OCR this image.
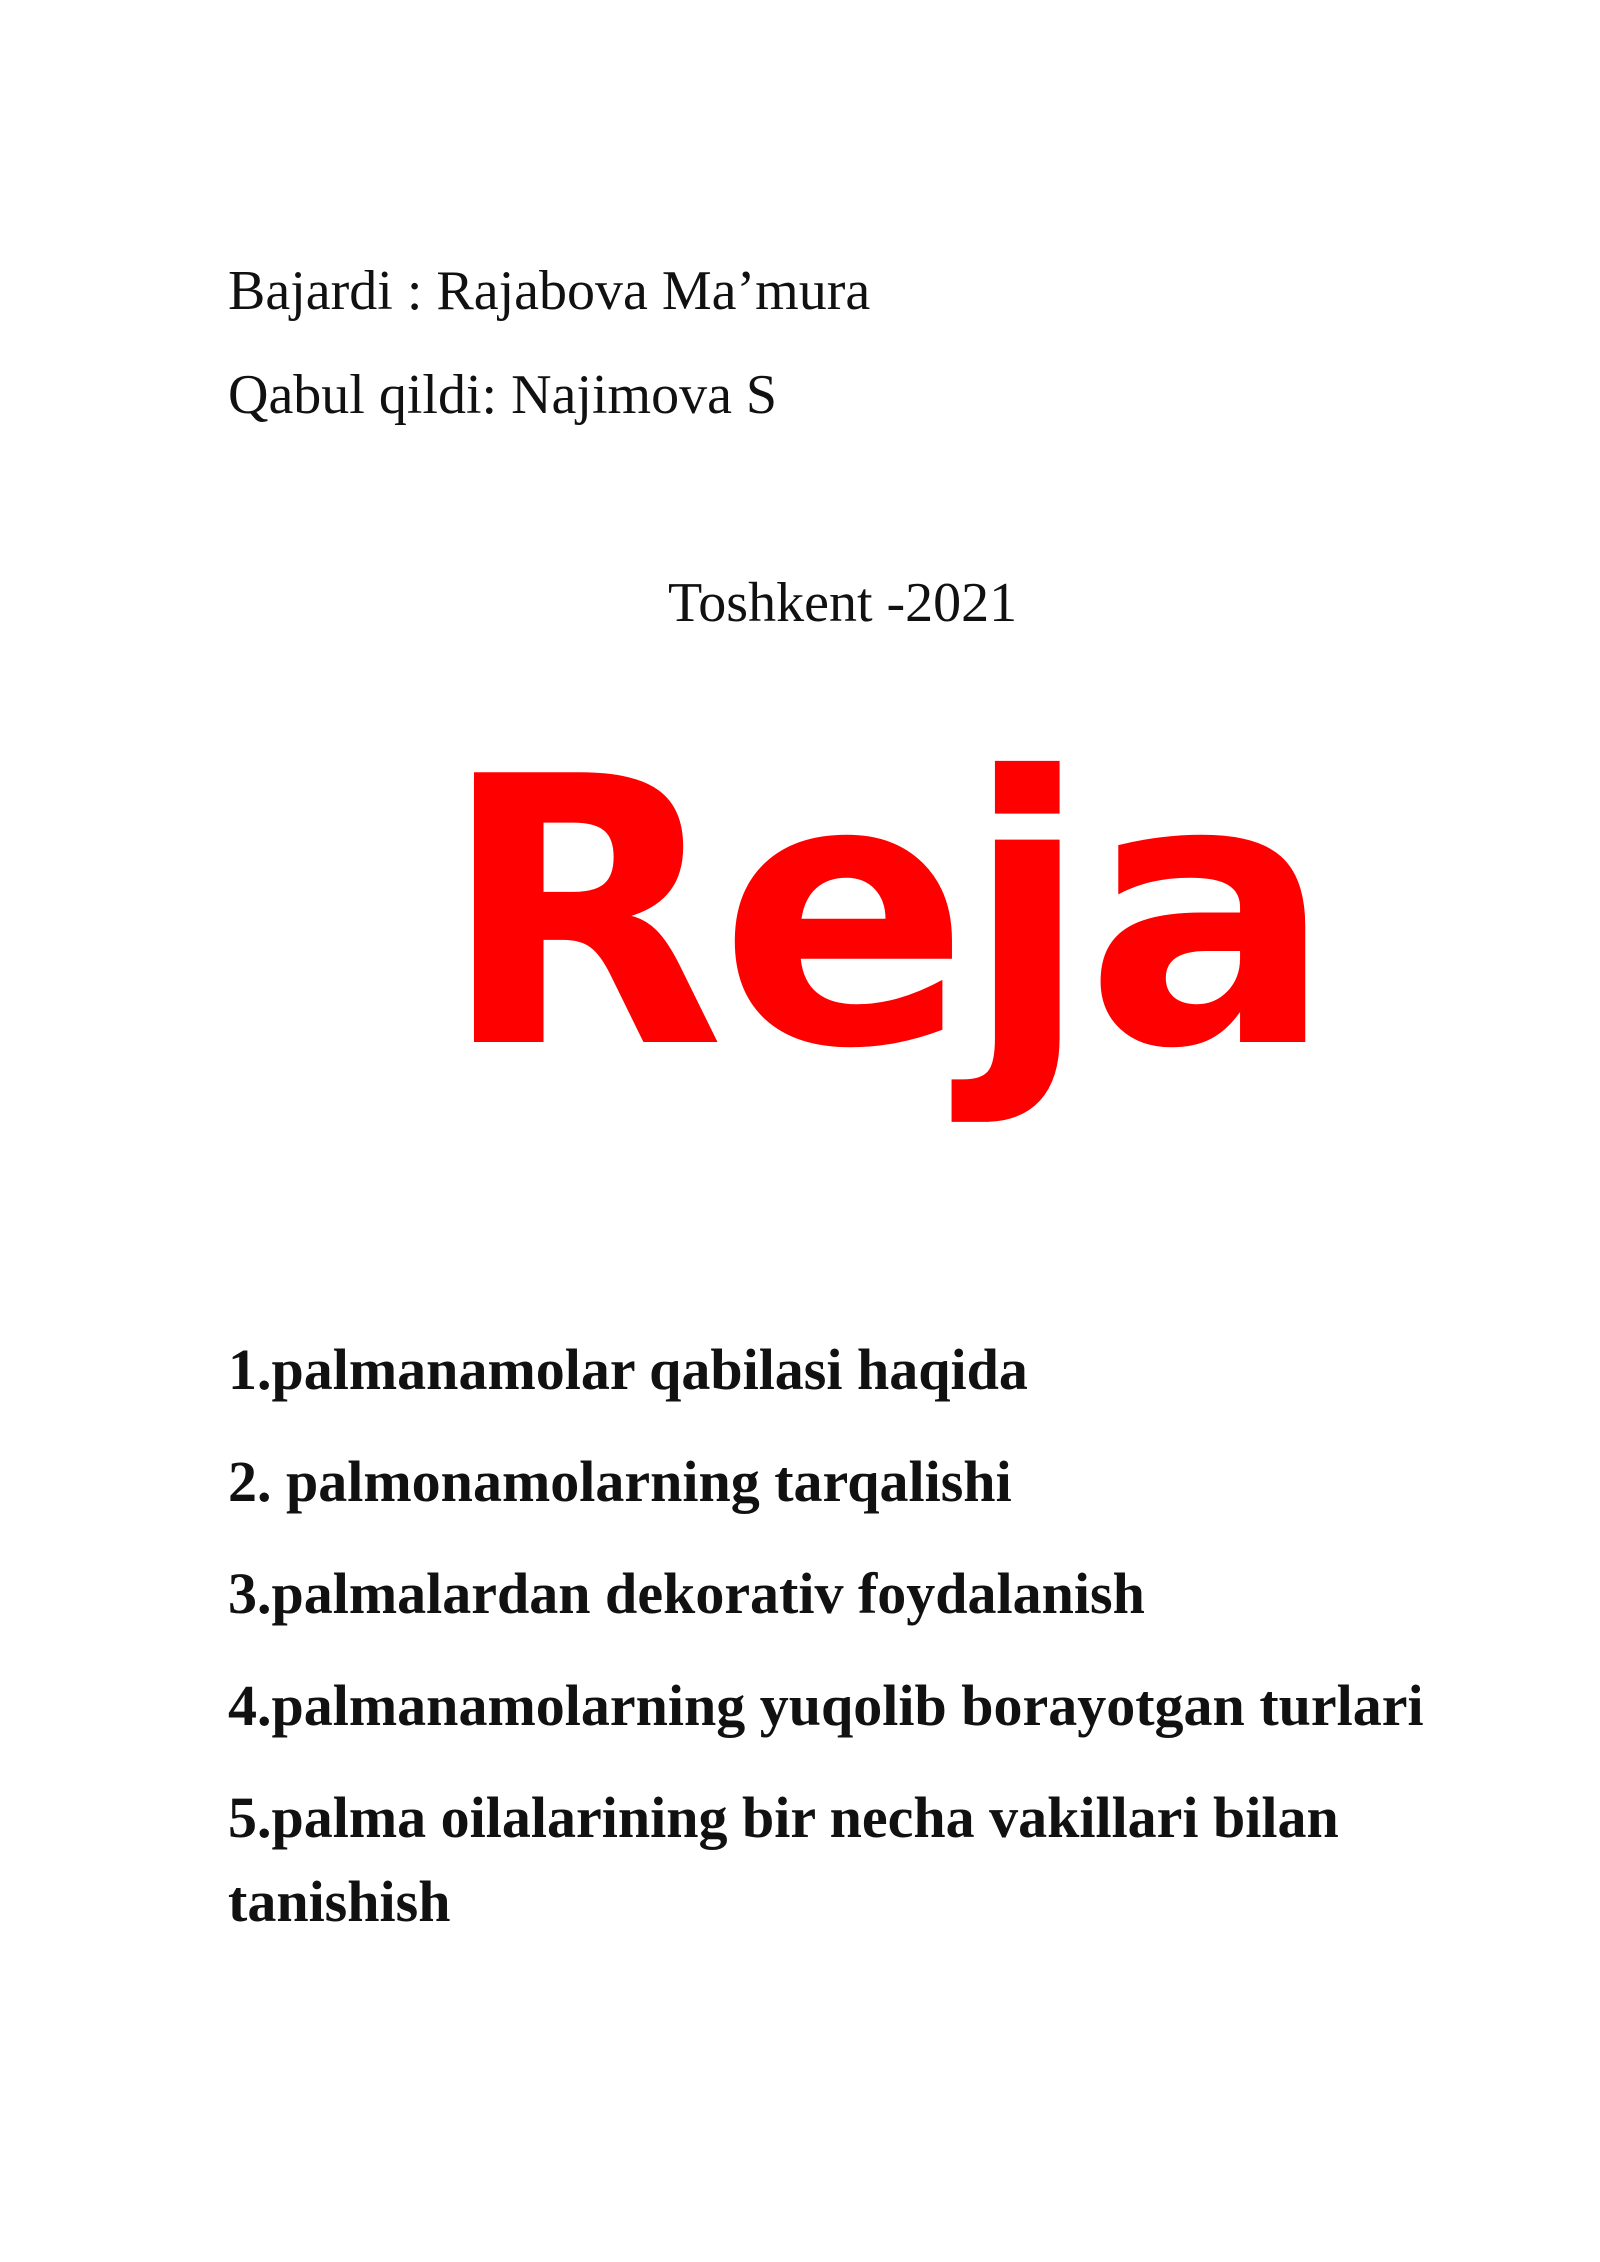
Bajardi : Rajabova Ma’mura
Qabul qildi: Najimova S
Toshkent -2021
Reja
1.palmanamolar qabilasi haqida
2. palmonamolarning tarqalishi
3.palmalardan dekorativ foydalanish
4.palmanamolarning yuqolib borayotgan turlari
5.palma oilalarining bir necha vakillari bilan tanishish
